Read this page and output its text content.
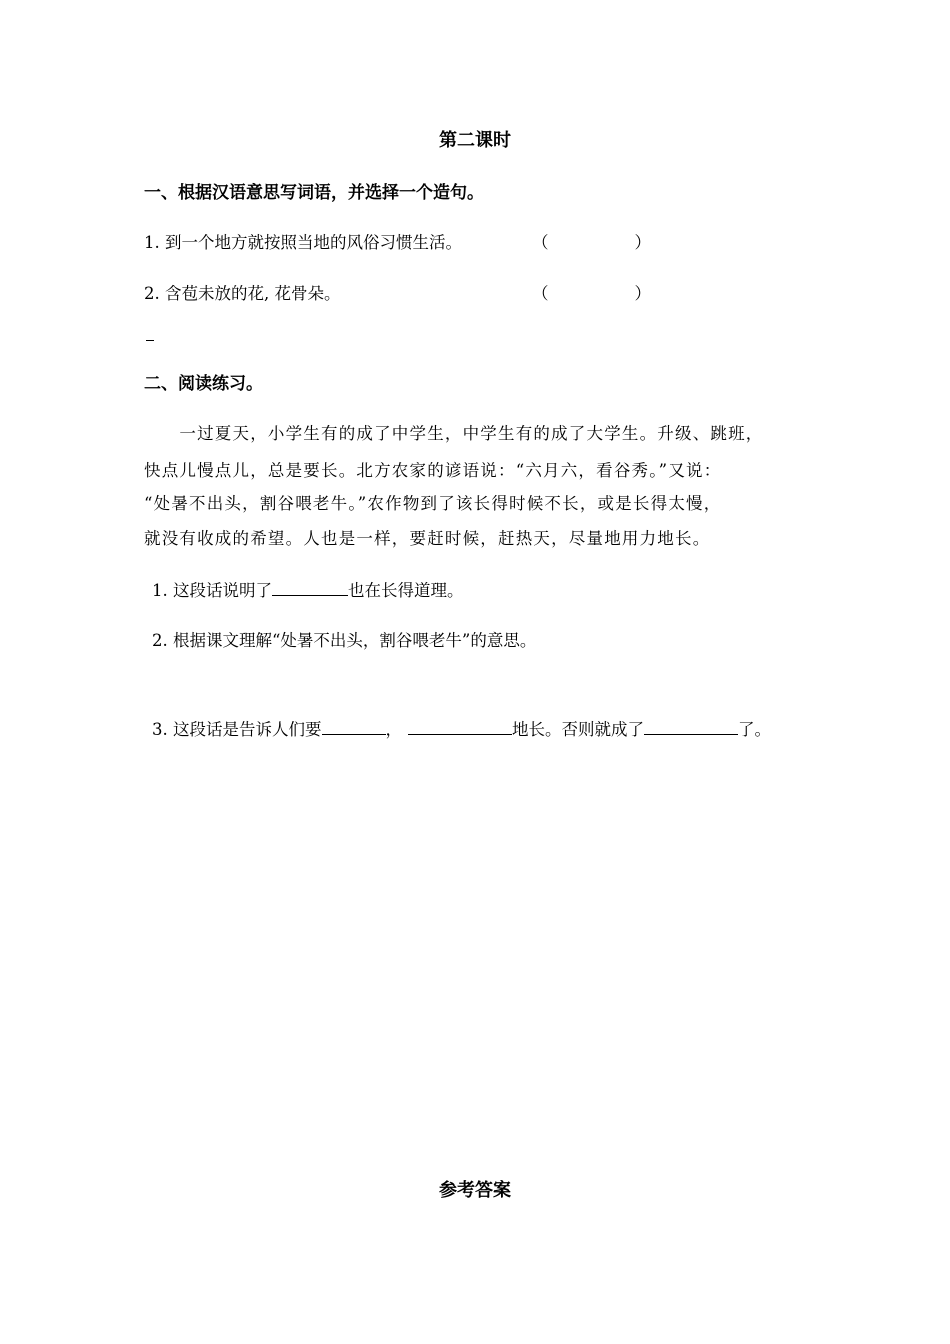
第二课时
一、根据汉语意思写词语，并选择一个造句。
1. 到一个地方就按照当地的风俗习惯生活。	（	）
2. 含苞未放的花, 花骨朵。	（	）
二、阅读练习。
　　一过夏天，小学生有的成了中学生，中学生有的成了大学生。升级、跳班，
快点儿慢点儿，总是要长。北方农家的谚语说：“六月六，看谷秀。”又说：
“处暑不出头，割谷喂老牛。”农作物到了该长得时候不长，或是长得太慢，
就没有收成的希望。人也是一样，要赶时候，赶热天，尽量地用力地长。
1. 这段话说明了	也在长得道理。
2. 根据课文理解“处暑不出头，割谷喂老牛”的意思。
3. 这段话是告诉人们要	，	地长。否则就成了	了。
参考答案
